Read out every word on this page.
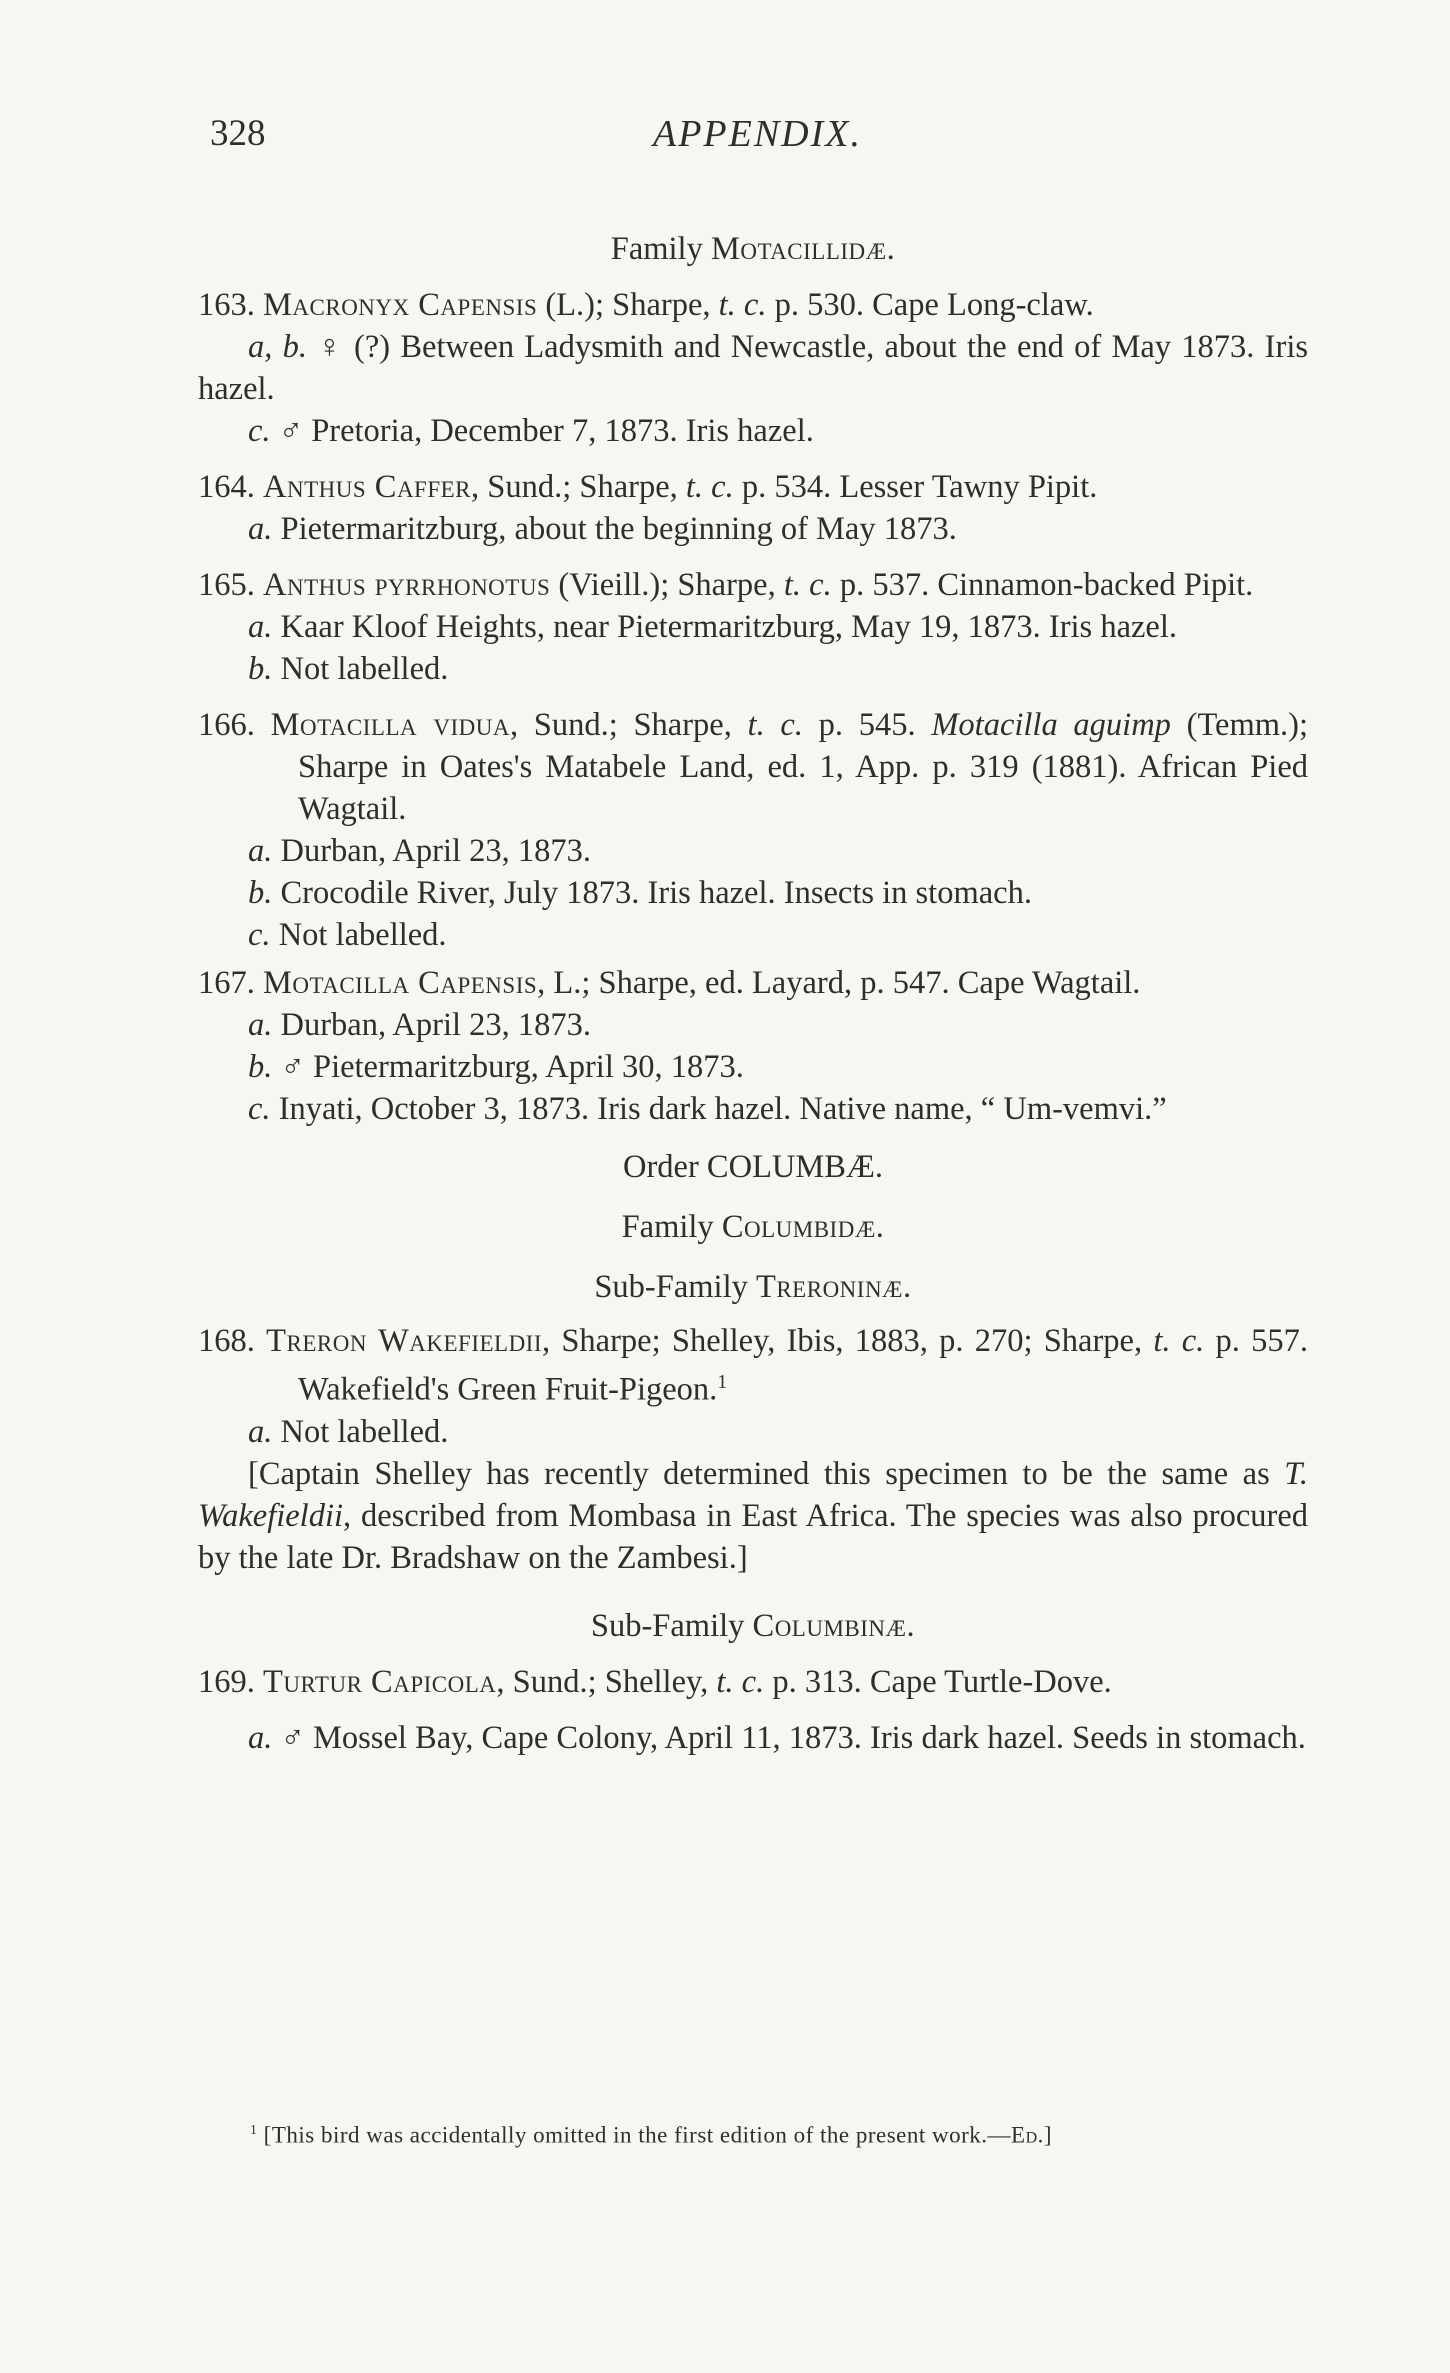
328	APPENDIX.

Family Motacillidæ.

163. Macronyx Capensis (L.); Sharpe, t. c. p. 530. Cape Long-claw.

a, b. ♀ (?) Between Ladysmith and Newcastle, about the end of May 1873. Iris hazel.

c. ♂ Pretoria, December 7, 1873. Iris hazel.

164. Anthus Caffer, Sund.; Sharpe, t. c. p. 534. Lesser Tawny Pipit.

a. Pietermaritzburg, about the beginning of May 1873.

165. Anthus pyrrhonotus (Vieill.); Sharpe, t. c. p. 537. Cinnamon-backed Pipit.

a. Kaar Kloof Heights, near Pietermaritzburg, May 19, 1873. Iris hazel.

b. Not labelled.

166. Motacilla vidua, Sund.; Sharpe, t. c. p. 545. Motacilla aguimp (Temm.); Sharpe in Oates's Matabele Land, ed. 1, App. p. 319 (1881). African Pied Wagtail.

a. Durban, April 23, 1873.

b. Crocodile River, July 1873. Iris hazel. Insects in stomach.

c. Not labelled.

167. Motacilla Capensis, L.; Sharpe, ed. Layard, p. 547. Cape Wagtail.

a. Durban, April 23, 1873.

b. ♂ Pietermaritzburg, April 30, 1873.

c. Inyati, October 3, 1873. Iris dark hazel. Native name, “ Um-vemvi.”

Order COLUMBÆ.

Family Columbidæ.

Sub-Family Treroninæ.

168. Treron Wakefieldii, Sharpe; Shelley, Ibis, 1883, p. 270; Sharpe, t. c. p. 557. Wakefield's Green Fruit-Pigeon.$^1$

a. Not labelled.

[Captain Shelley has recently determined this specimen to be the same as T. Wakefieldii, described from Mombasa in East Africa. The species was also procured by the late Dr. Bradshaw on the Zambesi.]

Sub-Family Columbinæ.

169. Turtur Capicola, Sund.; Shelley, t. c. p. 313. Cape Turtle-Dove.

a. ♂ Mossel Bay, Cape Colony, April 11, 1873. Iris dark hazel. Seeds in stomach.

$^1$ [This bird was accidentally omitted in the first edition of the present work.—Ed.]
